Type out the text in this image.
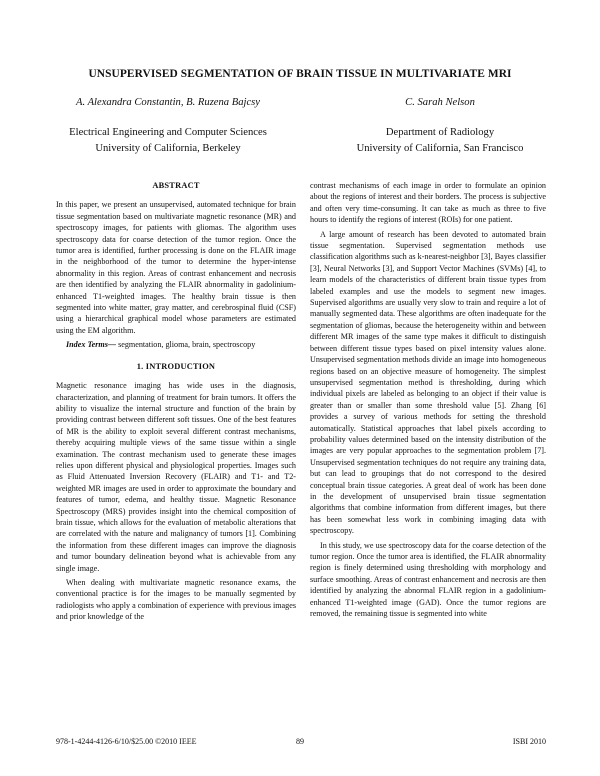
UNSUPERVISED SEGMENTATION OF BRAIN TISSUE IN MULTIVARIATE MRI
A. Alexandra Constantin, B. Ruzena Bajcsy	C. Sarah Nelson
Electrical Engineering and Computer Sciences
University of California, Berkeley
Department of Radiology
University of California, San Francisco
ABSTRACT

In this paper, we present an unsupervised, automated technique for brain tissue segmentation based on multivariate magnetic resonance (MR) and spectroscopy images, for patients with gliomas. The algorithm uses spectroscopy data for coarse detection of the tumor region. Once the tumor area is identified, further processing is done on the FLAIR image in the neighborhood of the tumor to determine the hyper-intense abnormality in this region. Areas of contrast enhancement and necrosis are then identified by analyzing the FLAIR abnormality in gadolinium-enhanced T1-weighted images. The healthy brain tissue is then segmented into white matter, gray matter, and cerebrospinal fluid (CSF) using a hierarchical graphical model whose parameters are estimated using the EM algorithm.

Index Terms— segmentation, glioma, brain, spectroscopy

1. INTRODUCTION

Magnetic resonance imaging has wide uses in the diagnosis, characterization, and planning of treatment for brain tumors. It offers the ability to visualize the internal structure and function of the brain by providing contrast between different soft tissues. One of the best features of MR is the ability to exploit several different contrast mechanisms, thereby acquiring multiple views of the same tissue within a single examination. The contrast mechanism used to generate these images relies upon different physical and physiological properties. Images such as Fluid Attenuated Inversion Recovery (FLAIR) and T1- and T2-weighted MR images are used in order to approximate the boundary and features of tumor, edema, and healthy tissue. Magnetic Resonance Spectroscopy (MRS) provides insight into the chemical composition of brain tissue, which allows for the evaluation of metabolic alterations that are correlated with the nature and malignancy of tumors [1]. Combining the information from these different images can improve the diagnosis and tumor boundary delineation beyond what is achievable from any single image.

When dealing with multivariate magnetic resonance exams, the conventional practice is for the images to be manually segmented by radiologists who apply a combination of experience with previous images and prior knowledge of the

contrast mechanisms of each image in order to formulate an opinion about the regions of interest and their borders. The process is subjective and often very time-consuming. It can take as much as three to five hours to identify the regions of interest (ROIs) for one patient.

A large amount of research has been devoted to automated brain tissue segmentation. Supervised segmentation methods use classification algorithms such as k-nearest-neighbor [3], Bayes classifier [3], Neural Networks [3], and Support Vector Machines (SVMs) [4], to learn models of the characteristics of different brain tissue types from labeled examples and use the models to segment new images. Supervised algorithms are usually very slow to train and require a lot of manually segmented data. These algorithms are often inadequate for the segmentation of gliomas, because the heterogeneity within and between different MR images of the same type makes it difficult to distinguish between different tissue types based on pixel intensity values alone. Unsupervised segmentation methods divide an image into homogeneous regions based on an objective measure of homogeneity. The simplest unsupervised segmentation method is thresholding, during which individual pixels are labeled as belonging to an object if their value is greater than or smaller than some threshold value [5]. Zhang [6] provides a survey of various methods for setting the threshold automatically. Statistical approaches that label pixels according to probability values determined based on the intensity distribution of the images are very popular approaches to the segmentation problem [7]. Unsupervised segmentation techniques do not require any training data, but can lead to groupings that do not correspond to the desired conceptual brain tissue categories. A great deal of work has been done in the development of unsupervised brain tissue segmentation algorithms that combine information from different images, but there has been somewhat less work in combining imaging data with spectroscopy.

In this study, we use spectroscopy data for the coarse detection of the tumor region. Once the tumor area is identified, the FLAIR abnormality region is finely determined using thresholding with morphology and surface smoothing. Areas of contrast enhancement and necrosis are then identified by analyzing the abnormal FLAIR region in a gadolinium-enhanced T1-weighted image (GAD). Once the tumor regions are removed, the remaining tissue is segmented into white

978-1-4244-4126-6/10/$25.00 ©2010 IEEE	89	ISBI 2010
